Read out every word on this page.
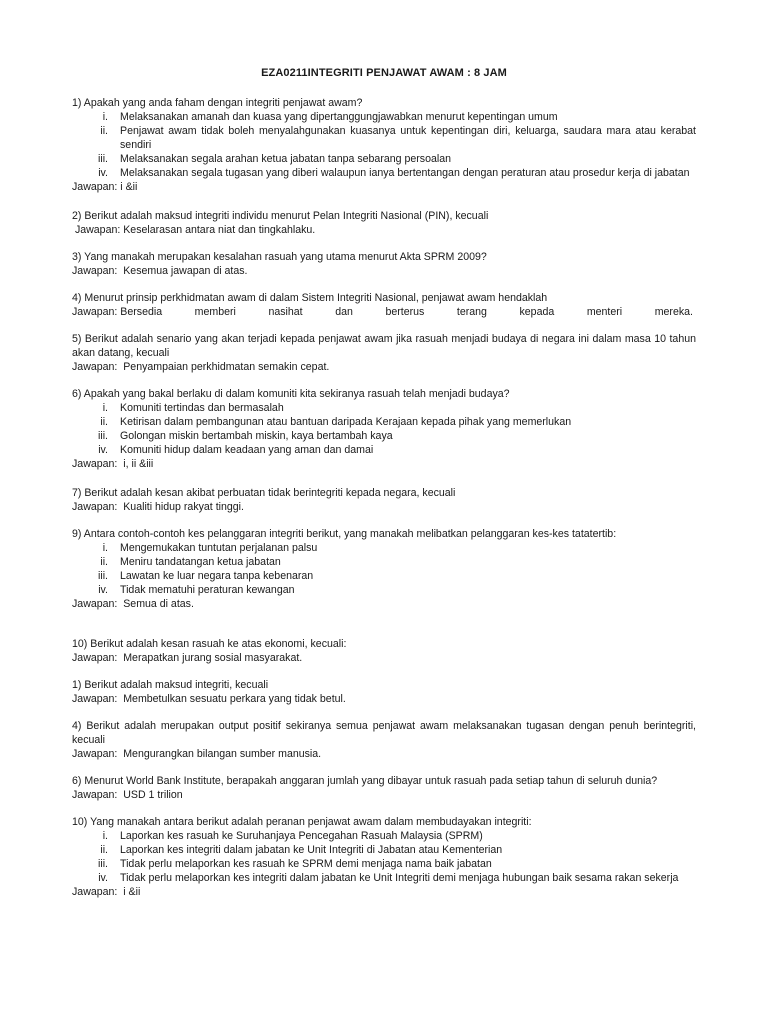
EZA0211INTEGRITI PENJAWAT AWAM : 8 JAM

1) Apakah yang anda faham dengan integriti penjawat awam?

i.	Melaksanakan amanah dan kuasa yang dipertanggungjawabkan menurut kepentingan umum
ii.	Penjawat awam tidak boleh menyalahgunakan kuasanya untuk kepentingan diri, keluarga, saudara mara atau kerabat sendiri
iii.	Melaksanakan segala arahan ketua jabatan tanpa sebarang persoalan
iv.	Melaksanakan segala tugasan yang diberi walaupun ianya bertentangan dengan peraturan atau prosedur kerja di jabatan

Jawapan: i &ii

2) Berikut adalah maksud integriti individu menurut Pelan Integriti Nasional (PIN), kecuali

Jawapan: Keselarasan antara niat dan tingkahlaku.

3) Yang manakah merupakan kesalahan rasuah yang utama menurut Akta SPRM 2009?

Jawapan:  Kesemua jawapan di atas.

4) Menurut prinsip perkhidmatan awam di dalam Sistem Integriti Nasional, penjawat awam hendaklah

Jawapan: Bersedia	memberi	nasihat	dan	berterus	terang	kepada	menteri	mereka.

5) Berikut adalah senario yang akan terjadi kepada penjawat awam jika rasuah menjadi budaya di negara ini dalam masa 10 tahun akan datang, kecuali

Jawapan:  Penyampaian perkhidmatan semakin cepat.

6) Apakah yang bakal berlaku di dalam komuniti kita sekiranya rasuah telah menjadi budaya?

i.	Komuniti tertindas dan bermasalah
ii.	Ketirisan dalam pembangunan atau bantuan daripada Kerajaan kepada pihak yang memerlukan
iii.	Golongan miskin bertambah miskin, kaya bertambah kaya
iv.	Komuniti hidup dalam keadaan yang aman dan damai

Jawapan:  i, ii &iii

7) Berikut adalah kesan akibat perbuatan tidak berintegriti kepada negara, kecuali

Jawapan:  Kualiti hidup rakyat tinggi.

9) Antara contoh-contoh kes pelanggaran integriti berikut, yang manakah melibatkan pelanggaran kes-kes tatatertib:

i.	Mengemukakan tuntutan perjalanan palsu
ii.	Meniru tandatangan ketua jabatan
iii.	Lawatan ke luar negara tanpa kebenaran
iv.	Tidak mematuhi peraturan kewangan

Jawapan:  Semua di atas.

10) Berikut adalah kesan rasuah ke atas ekonomi, kecuali:

Jawapan:  Merapatkan jurang sosial masyarakat.

1) Berikut adalah maksud integriti, kecuali

Jawapan:  Membetulkan sesuatu perkara yang tidak betul.

4) Berikut adalah merupakan output positif sekiranya semua penjawat awam melaksanakan tugasan dengan penuh berintegriti, kecuali

Jawapan:  Mengurangkan bilangan sumber manusia.

6) Menurut World Bank Institute, berapakah anggaran jumlah yang dibayar untuk rasuah pada setiap tahun di seluruh dunia?

Jawapan:  USD 1 trilion

10) Yang manakah antara berikut adalah peranan penjawat awam dalam membudayakan integriti:

i.	Laporkan kes rasuah ke Suruhanjaya Pencegahan Rasuah Malaysia (SPRM)
ii.	Laporkan kes integriti dalam jabatan ke Unit Integriti di Jabatan atau Kementerian
iii.	Tidak perlu melaporkan kes rasuah ke SPRM demi menjaga nama baik jabatan
iv.	Tidak perlu melaporkan kes integriti dalam jabatan ke Unit Integriti demi menjaga hubungan baik sesama rakan sekerja

Jawapan:  i &ii
